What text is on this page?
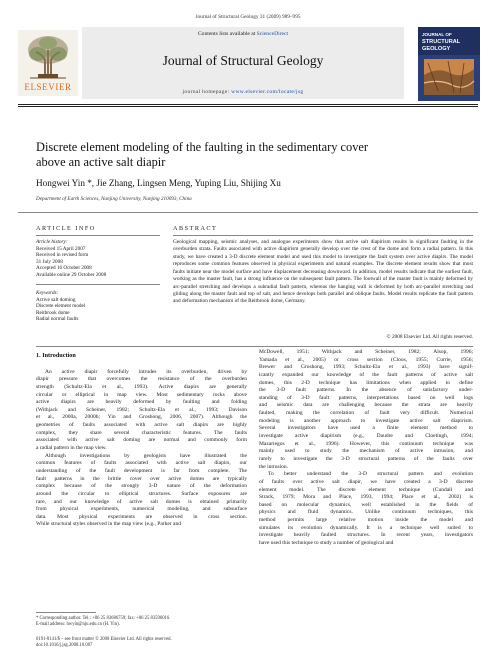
Journal of Structural Geology 31 (2009) 989–995
Contents lists available at ScienceDirect
Journal of Structural Geology
journal homepage: www.elsevier.com/locate/jsg
ELSEVIER
JOURNAL OF
STRUCTURAL
GEOLOGY
Discrete element modeling of the faulting in the sedimentary cover
above an active salt diapir
Hongwei Yin *, Jie Zhang, Lingsen Meng, Yuping Liu, Shijing Xu
Department of Earth Sciences, Nanjing University, Nanjing 210093, China
ARTICLE INFO	ABSTRACT
Article history:
Received 15 April 2007
Received in revised form
31 July 2008
Accepted 16 October 2008
Available online 29 October 2008
Keywords:
Active salt doming
Discrete element model
Reitbrook dome
Radial normal faults
Geological mapping, seismic analyses, and analogue experiments show that active salt diapirism results in significant faulting in the overburden strata. Faults associated with active diapirism generally develop over the crest of the dome and form a radial pattern. In this study, we have created a 3-D discrete element model and used this model to investigate the fault system over active diapirs. The model reproduces some common features observed in physical experiments and natural examples. The discrete element results show that most faults initiate near the model surface and have displacement decreasing downward. In addition, model results indicate that the earliest fault, working as the master fault, has a strong influence on the subsequent fault pattern. The footwall of the master fault is mainly deformed by arc-parallel stretching and develops a subradial fault pattern, whereas the hanging wall is deformed by both arc-parallel stretching and gliding along the master fault and top of salt, and hence develops both parallel and oblique faults. Model results replicate the fault pattern and deformation mechanism of the Reitbrook dome, Germany.
© 2008 Elsevier Ltd. All rights reserved.
1. Introduction
An active diapir forcefully intrudes its overburden, driven by
diapir pressure that overcomes the resistance of the overburden
strength (Schultz-Ela et al., 1993). Active diapirs are generally
circular or elliptical in map view. Most sedimentary rocks above
active diapirs are heavily deformed by faulting and folding
(Withjack and Scheiner, 1982; Schultz-Ela et al., 1993; Davison
et al., 2000a, 2000b; Yin and Groshong, 2006, 2007). Although the
geometries of faults associated with active salt diapirs are highly
complex, they share several characteristic features. The faults
associated with active salt doming are normal and commonly form
a radial pattern in the map view.
Although investigations by geologists have illustrated the
common features of faults associated with active salt diapirs, our
understanding of the fault development is far from complete. The
fault patterns in the brittle cover over active domes are typically
complex because of the strongly 3-D nature of the deformation
around the circular to elliptical structures. Surface exposures are
rare, and our knowledge of active salt domes is obtained primarily
from physical experiments, numerical modeling, and subsurface
data. Most physical experiments are observed in cross section.
While structural styles observed in the map view (e.g., Parker and
McDowell, 1951; Withjack and Scheiner, 1982; Alsop, 1996;
Yamada et al., 2005) or cross section (Cloos, 1955; Currie, 1956;
Brewer and Groshong, 1993; Schultz-Ela et al., 1993) have signif-
icantly expanded our knowledge of the fault patterns of active salt
domes, this 2-D technique has limitations when applied to define
the 3-D fault patterns. In the absence of satisfactory under-
standing of 3-D fault patterns, interpretations based on well logs
and seismic data are challenging because the strata are heavily
faulted, making the correlation of fault very difficult. Numerical
modeling is another approach to investigate active salt diapirism.
Several investigators have used a finite element method to
investigate active diapirism (e.g., Daudre and Cloetingh, 1994;
Mazariegos et al., 1996). However, this continuum technique was
mainly used to study the mechanism of active intrusion, and
rarely to investigate the 3-D structural patterns of the faults over
the intrusion.
To better understand the 3-D structural pattern and evolution
of faults over active salt diapir, we have created a 3-D discrete
element model. The discrete element technique (Cundall and
Strack, 1979; Mora and Place, 1993, 1994; Place et al., 2002) is
based on molecular dynamics, well established in the fields of
physics and fluid dynamics. Unlike continuum techniques, this
method permits large relative motion inside the model and
simulates its evolution dynamically. It is a technique well suited to
investigate heavily faulted structures. In recent years, investigators
have used this technique to study a number of geological and
* Corresponding author. Tel.: +86 25 83686759; fax: +86 25 83596016.
E-mail address: hwyin@nju.edu.cn (H. Yin).
0191-8141/$ – see front matter © 2008 Elsevier Ltd. All rights reserved.
doi:10.1016/j.jsg.2008.10.007
